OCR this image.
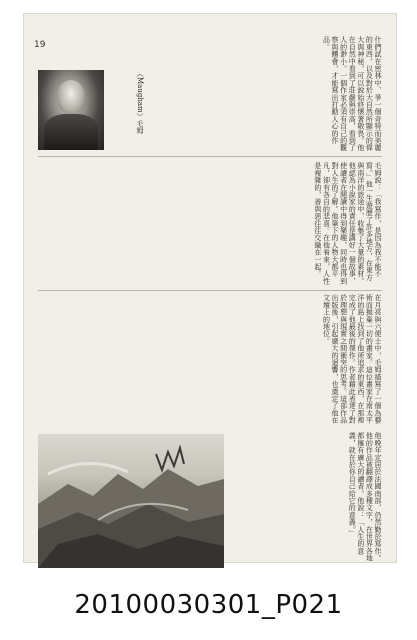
19
（Maugham）毛姆	什們試在密林中、爭一個奇特而美麗的東西，以及對於大自然所顯示的偉大與神秘，可以說始終懷著敬畏。他在自然中看到了莊嚴與崇高，看到了人的渺小。一個作家必須有自己的觀察與體會，才能寫出打動人心的作品。
毛姆說：「我寫作，是因為我不能不寫。」他一生遊歷了許多地方，在東方與南洋的旅途中，收集了大量的素材。他認為小說家的責任是講好一個故事，使讀者在閱讀中得到樂趣，同時也得到對人生的了解。他筆下的人物大都平凡，卻有各自的悲喜。在他看來，人性是複雜的，善與惡往往交織在一起。
在月亮與六便士中，毛姆描寫了一個為藝術而拋棄一切的畫家。這位畫家在南太平洋的島上找到了他所追求的東西，在那裡完成了他最後的傑作。作者藉此表達了對於理想與現實之間衝突的思考。這部作品出版後，引起廣大的迴響，也奠定了他在文壇上的地位。
他晚年定居於法國南部，仍然勤於寫作。他的作品被翻譯成多種文字，在世界各地都擁有廣大的讀者。他說：「人生的意義，就在於你自己給它的意義。」
20100030301_P021
